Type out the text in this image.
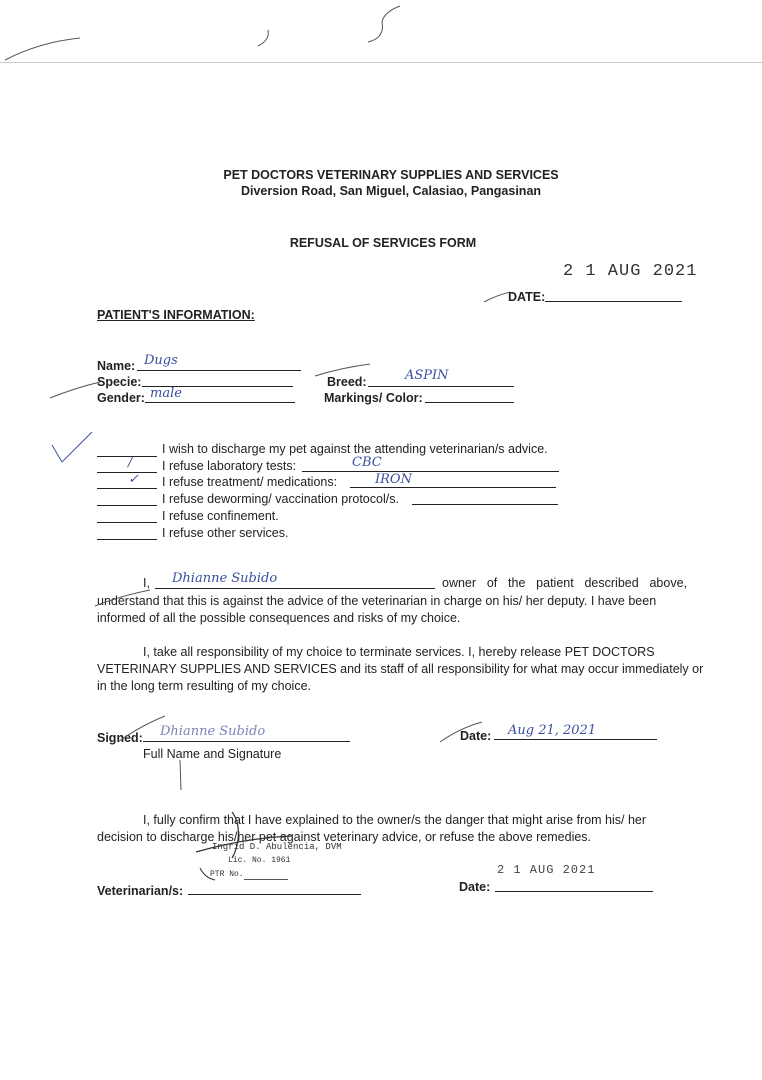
PET DOCTORS VETERINARY SUPPLIES AND SERVICES
Diversion Road, San Miguel, Calasiao, Pangasinan
REFUSAL OF SERVICES FORM
2 1 AUG 2021
DATE:
PATIENT'S INFORMATION:
Name: Dugs
Specie:
Gender: male
Breed:	ASPIN
Markings/ Color:
I wish to discharge my pet against the attending veterinarian/s advice.
/ I refuse laboratory tests:	CBC
✓ I refuse treatment/ medications:	IRON
I refuse deworming/ vaccination protocol/s.
I refuse confinement.
I refuse other services.
I, Dhianne Subido	owner of the patient described above,
understand that this is against the advice of the veterinarian in charge on his/ her deputy. I have been
informed of all the possible consequences and risks of my choice.
I, take all responsibility of my choice to terminate services. I, hereby release PET DOCTORS
VETERINARY SUPPLIES AND SERVICES and its staff of all responsibility for what may occur immediately or
in the long term resulting of my choice.
Signed: Dhianne Subido
Full Name and Signature
Date: Aug 21, 2021
I, fully confirm that I have explained to the owner/s the danger that might arise from his/ her
decision to discharge his/her pet against veterinary advice, or refuse the above remedies.
Ingrid D. Abulencia, DVM
Lic. No. 1961
PTR No.
Veterinarian/s:	Date:
2 1 AUG 2021
